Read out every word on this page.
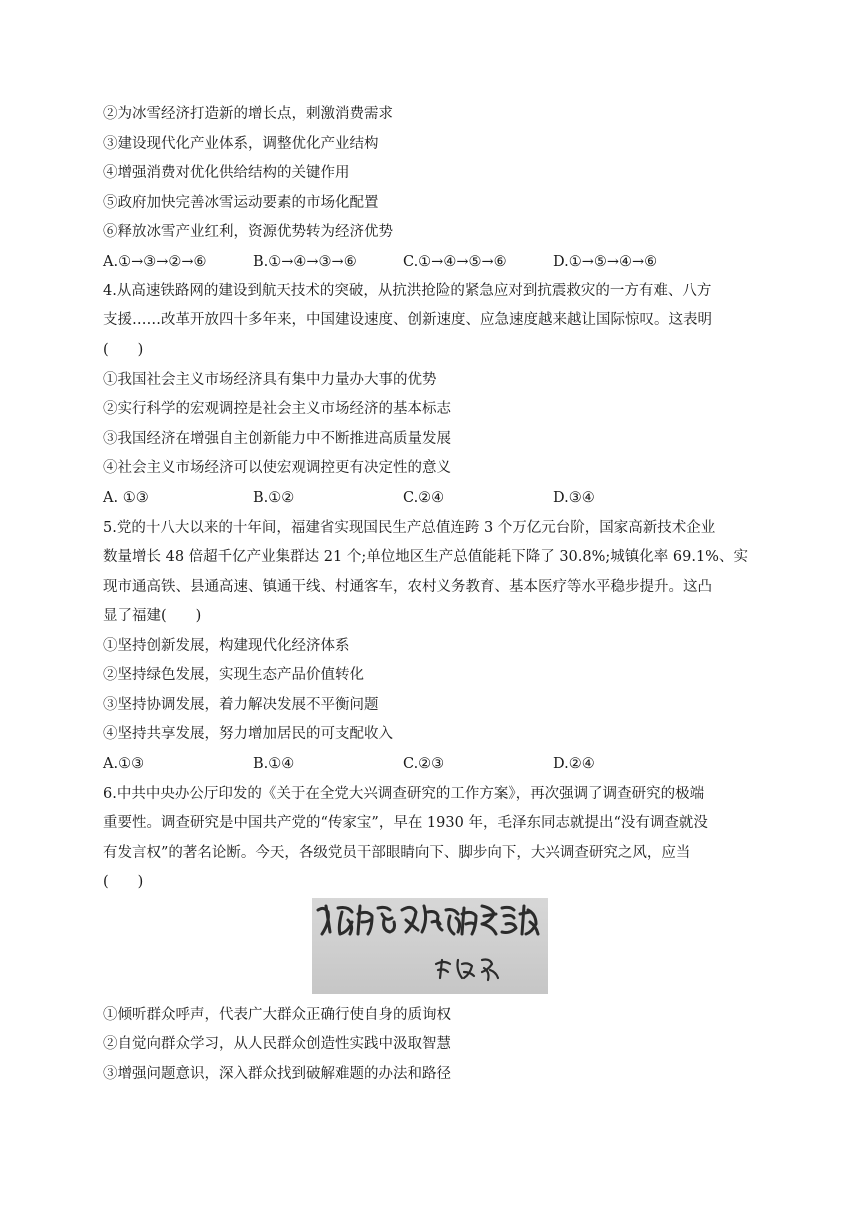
②为冰雪经济打造新的增长点，刺激消费需求
③建设现代化产业体系，调整优化产业结构
④增强消费对优化供给结构的关键作用
⑤政府加快完善冰雪运动要素的市场化配置
⑥释放冰雪产业红利，资源优势转为经济优势
A.①→③→②→⑥	B.①→④→③→⑥	C.①→④→⑤→⑥	D.①→⑤→④→⑥
4.从高速铁路网的建设到航天技术的突破，从抗洪抢险的紧急应对到抗震救灾的一方有难、八方
支援……改革开放四十多年来，中国建设速度、创新速度、应急速度越来越让国际惊叹。这表明
(　　)
①我国社会主义市场经济具有集中力量办大事的优势
②实行科学的宏观调控是社会主义市场经济的基本标志
③我国经济在增强自主创新能力中不断推进高质量发展
④社会主义市场经济可以使宏观调控更有决定性的意义
A. ①③	B.①②	C.②④	D.③④
5.党的十八大以来的十年间，福建省实现国民生产总值连跨 3 个万亿元台阶，国家高新技术企业
数量增长 48 倍超千亿产业集群达 21 个;单位地区生产总值能耗下降了 30.8%;城镇化率 69.1%、实
现市通高铁、县通高速、镇通干线、村通客车，农村义务教育、基本医疗等水平稳步提升。这凸
显了福建(　　)
①坚持创新发展，构建现代化经济体系
②坚持绿色发展，实现生态产品价值转化
③坚持协调发展，着力解决发展不平衡问题
④坚持共享发展，努力增加居民的可支配收入
A.①③	B.①④	C.②③	D.②④
6.中共中央办公厅印发的《关于在全党大兴调查研究的工作方案》，再次强调了调查研究的极端
重要性。调查研究是中国共产党的“传家宝”，早在 1930 年，毛泽东同志就提出“没有调查就没
有发言权”的著名论断。今天，各级党员干部眼睛向下、脚步向下，大兴调查研究之风，应当
(　　)
①倾听群众呼声，代表广大群众正确行使自身的质询权
②自觉向群众学习，从人民群众创造性实践中汲取智慧
③增强问题意识，深入群众找到破解难题的办法和路径
